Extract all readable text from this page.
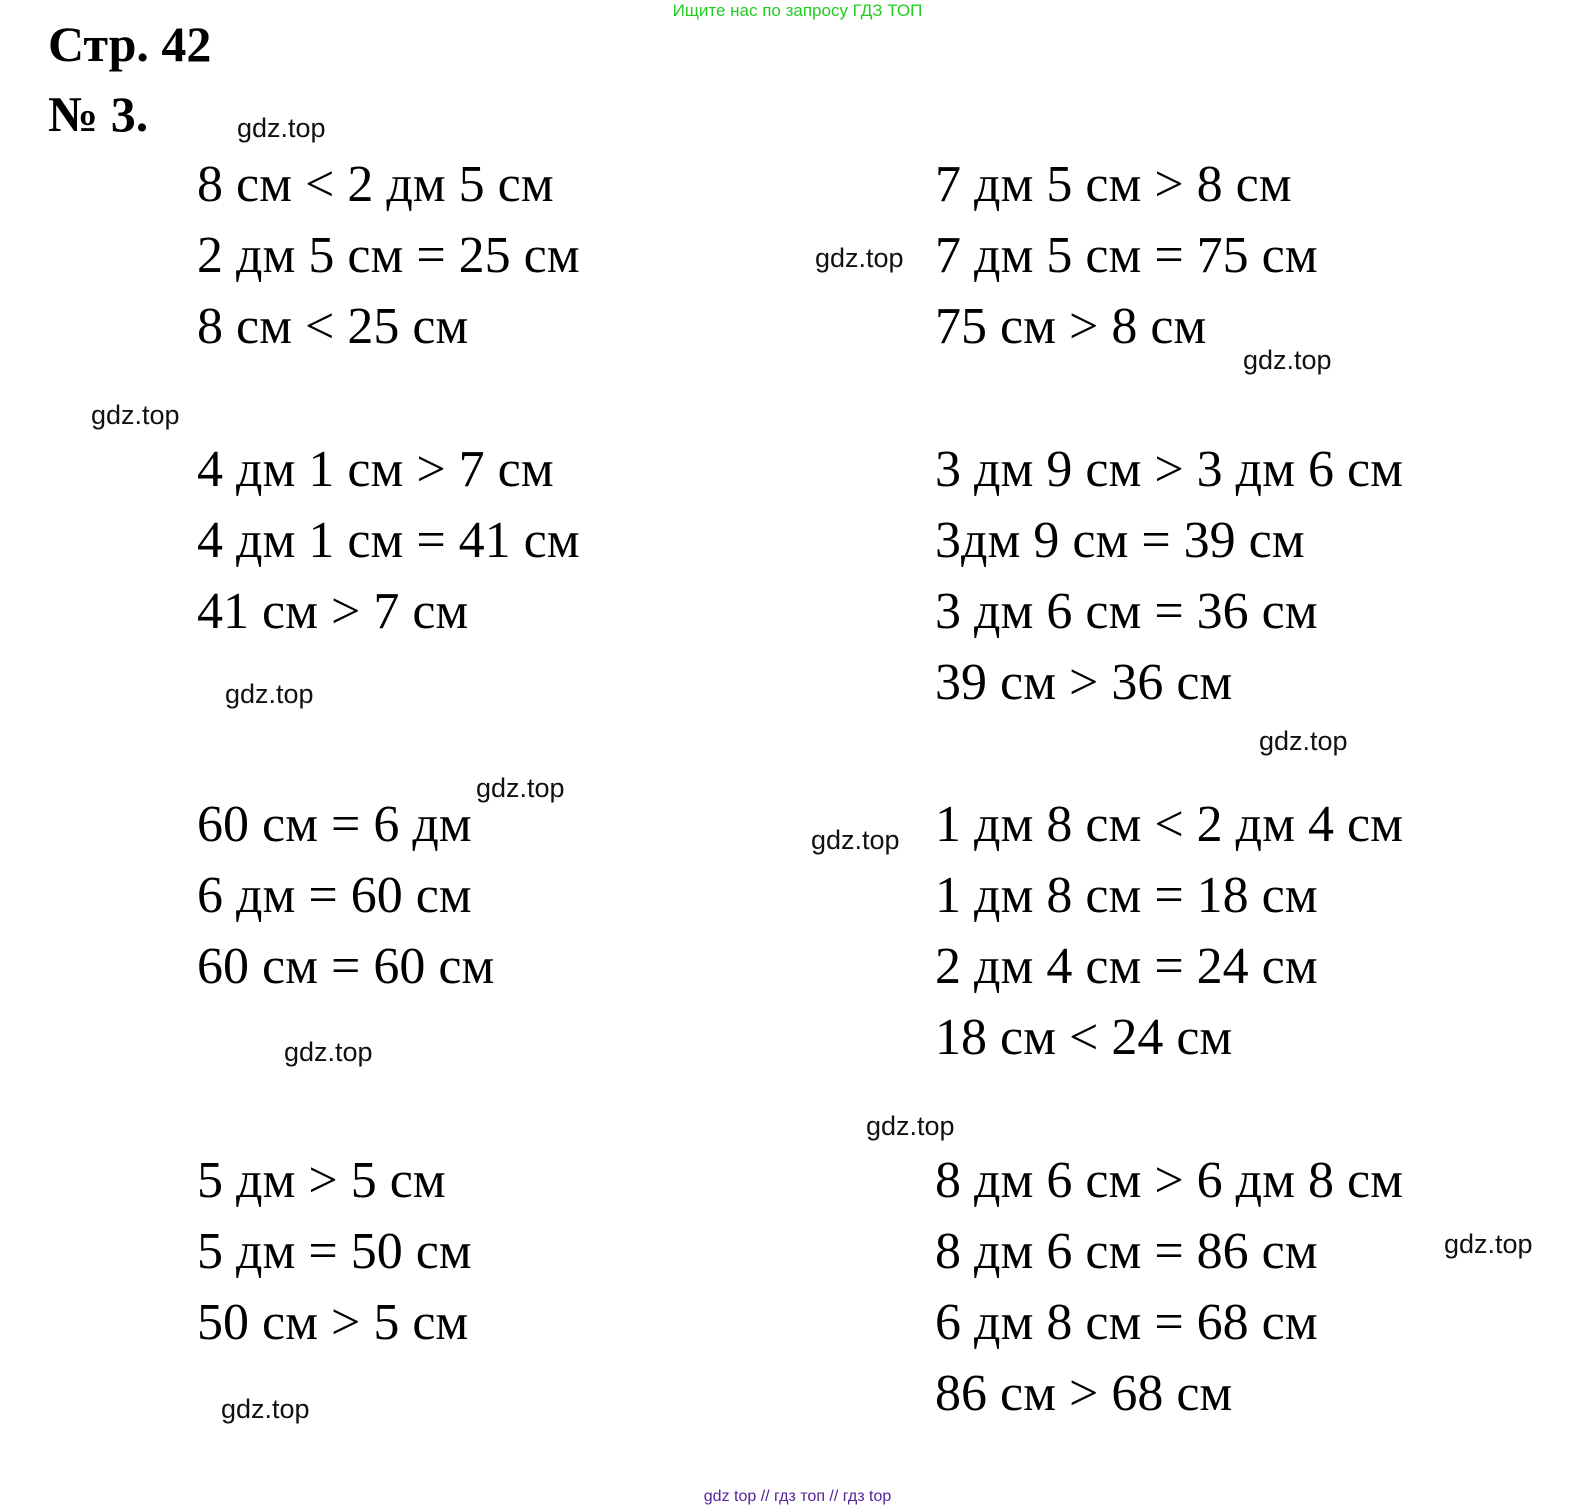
Ищите нас по запросу ГДЗ ТОП
Стр. 42
№ 3.
8 см < 2 дм 5 см
2 дм 5 см = 25 см
8 см < 25 см
4 дм 1 см > 7 см
4 дм 1 см = 41 см
41 см > 7 см
60 см = 6 дм
6 дм = 60 см
60 см = 60 см
5 дм > 5 см
5 дм = 50 см
50 см > 5 см
7 дм 5 см > 8 см
7 дм 5 см = 75 см
75 см > 8 см
3 дм 9 см > 3 дм 6 см
3дм 9 см = 39 см
3 дм 6 см = 36 см
39 см > 36 см
1 дм 8 см < 2 дм 4 см
1 дм 8 см = 18 см
2 дм 4 см = 24 см
18 см < 24 см
8 дм 6 см > 6 дм 8 см
8 дм 6 см = 86 см
6 дм 8 см = 68 см
86 см > 68 см
gdz.top
gdz.top
gdz.top
gdz.top
gdz.top
gdz.top
gdz.top
gdz.top
gdz.top
gdz.top
gdz.top
gdz.top
gdz top // гдз топ // гдз top
